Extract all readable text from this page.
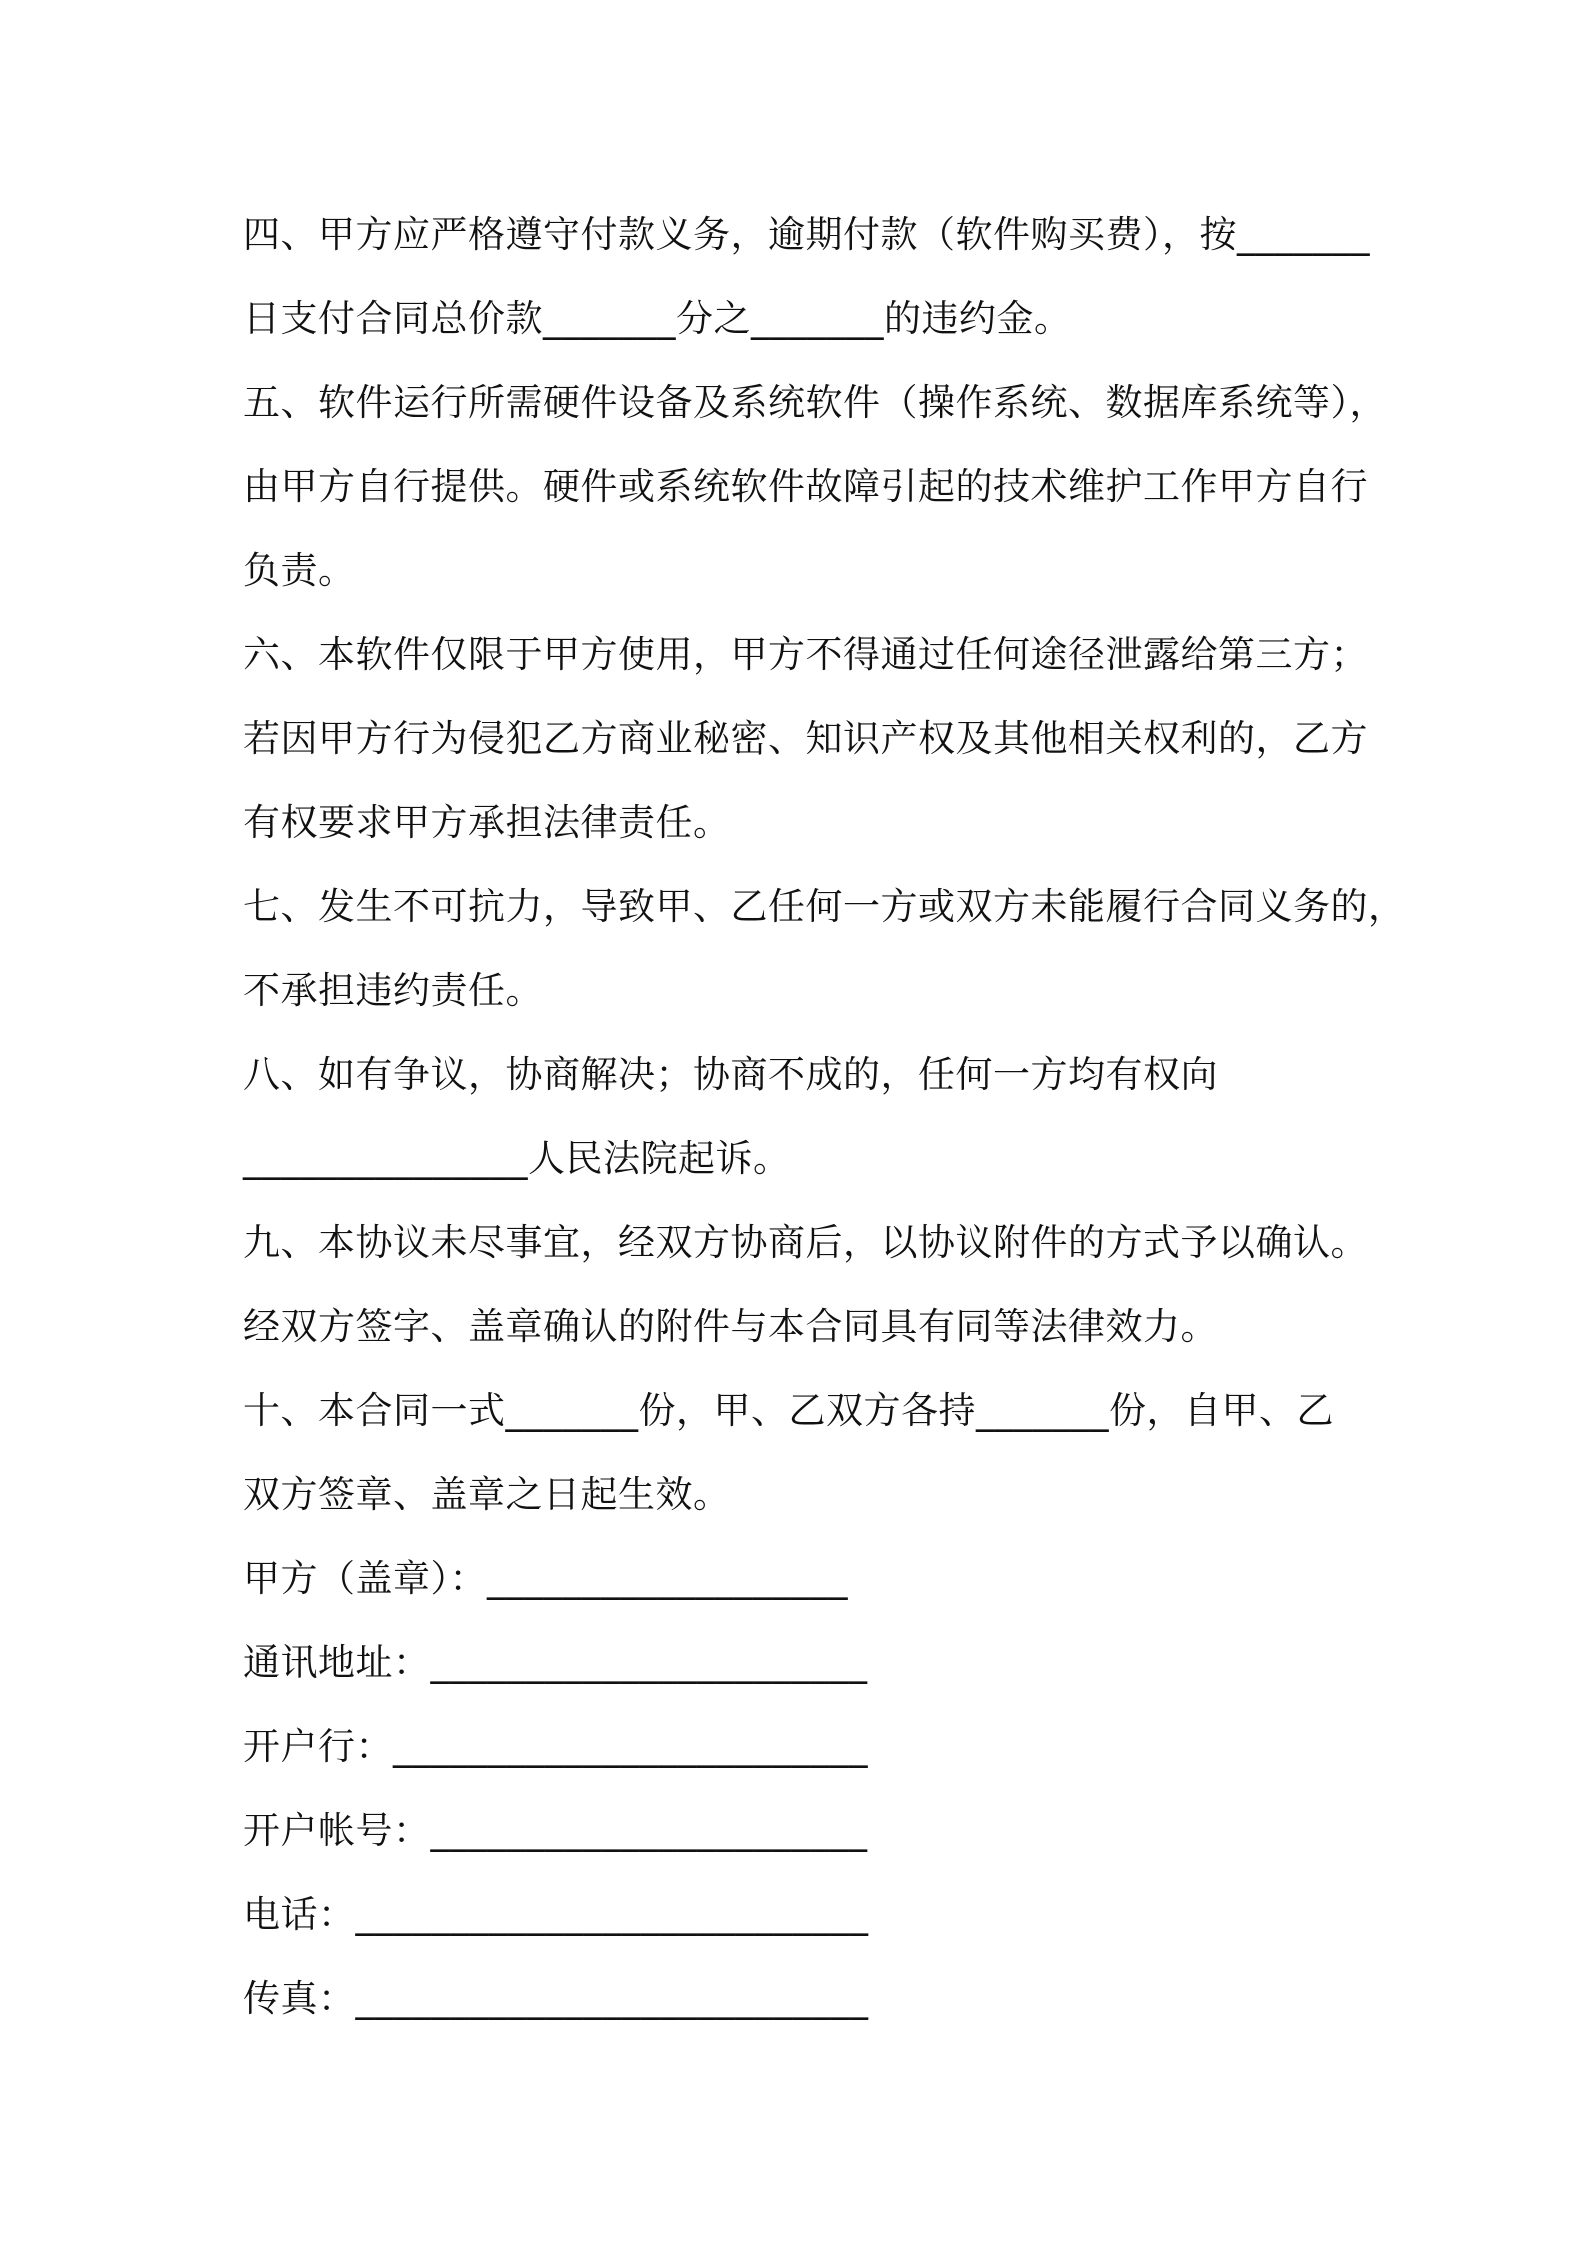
四、甲方应严格遵守付款义务，逾期付款（软件购买费），按_______
日支付合同总价款_______分之_______的违约金。
五、软件运行所需硬件设备及系统软件（操作系统、数据库系统等），
由甲方自行提供。硬件或系统软件故障引起的技术维护工作甲方自行
负责。
六、本软件仅限于甲方使用，甲方不得通过任何途径泄露给第三方；
若因甲方行为侵犯乙方商业秘密、知识产权及其他相关权利的，乙方
有权要求甲方承担法律责任。
七、发生不可抗力，导致甲、乙任何一方或双方未能履行合同义务的，
不承担违约责任。
八、如有争议，协商解决；协商不成的，任何一方均有权向
_______________人民法院起诉。
九、本协议未尽事宜，经双方协商后，以协议附件的方式予以确认。
经双方签字、盖章确认的附件与本合同具有同等法律效力。
十、本合同一式_______份，甲、乙双方各持_______份，自甲、乙
双方签章、盖章之日起生效。
甲方（盖章）：___________________
通讯地址：_______________________
开户行：_________________________
开户帐号：_______________________
电话：___________________________
传真：___________________________
